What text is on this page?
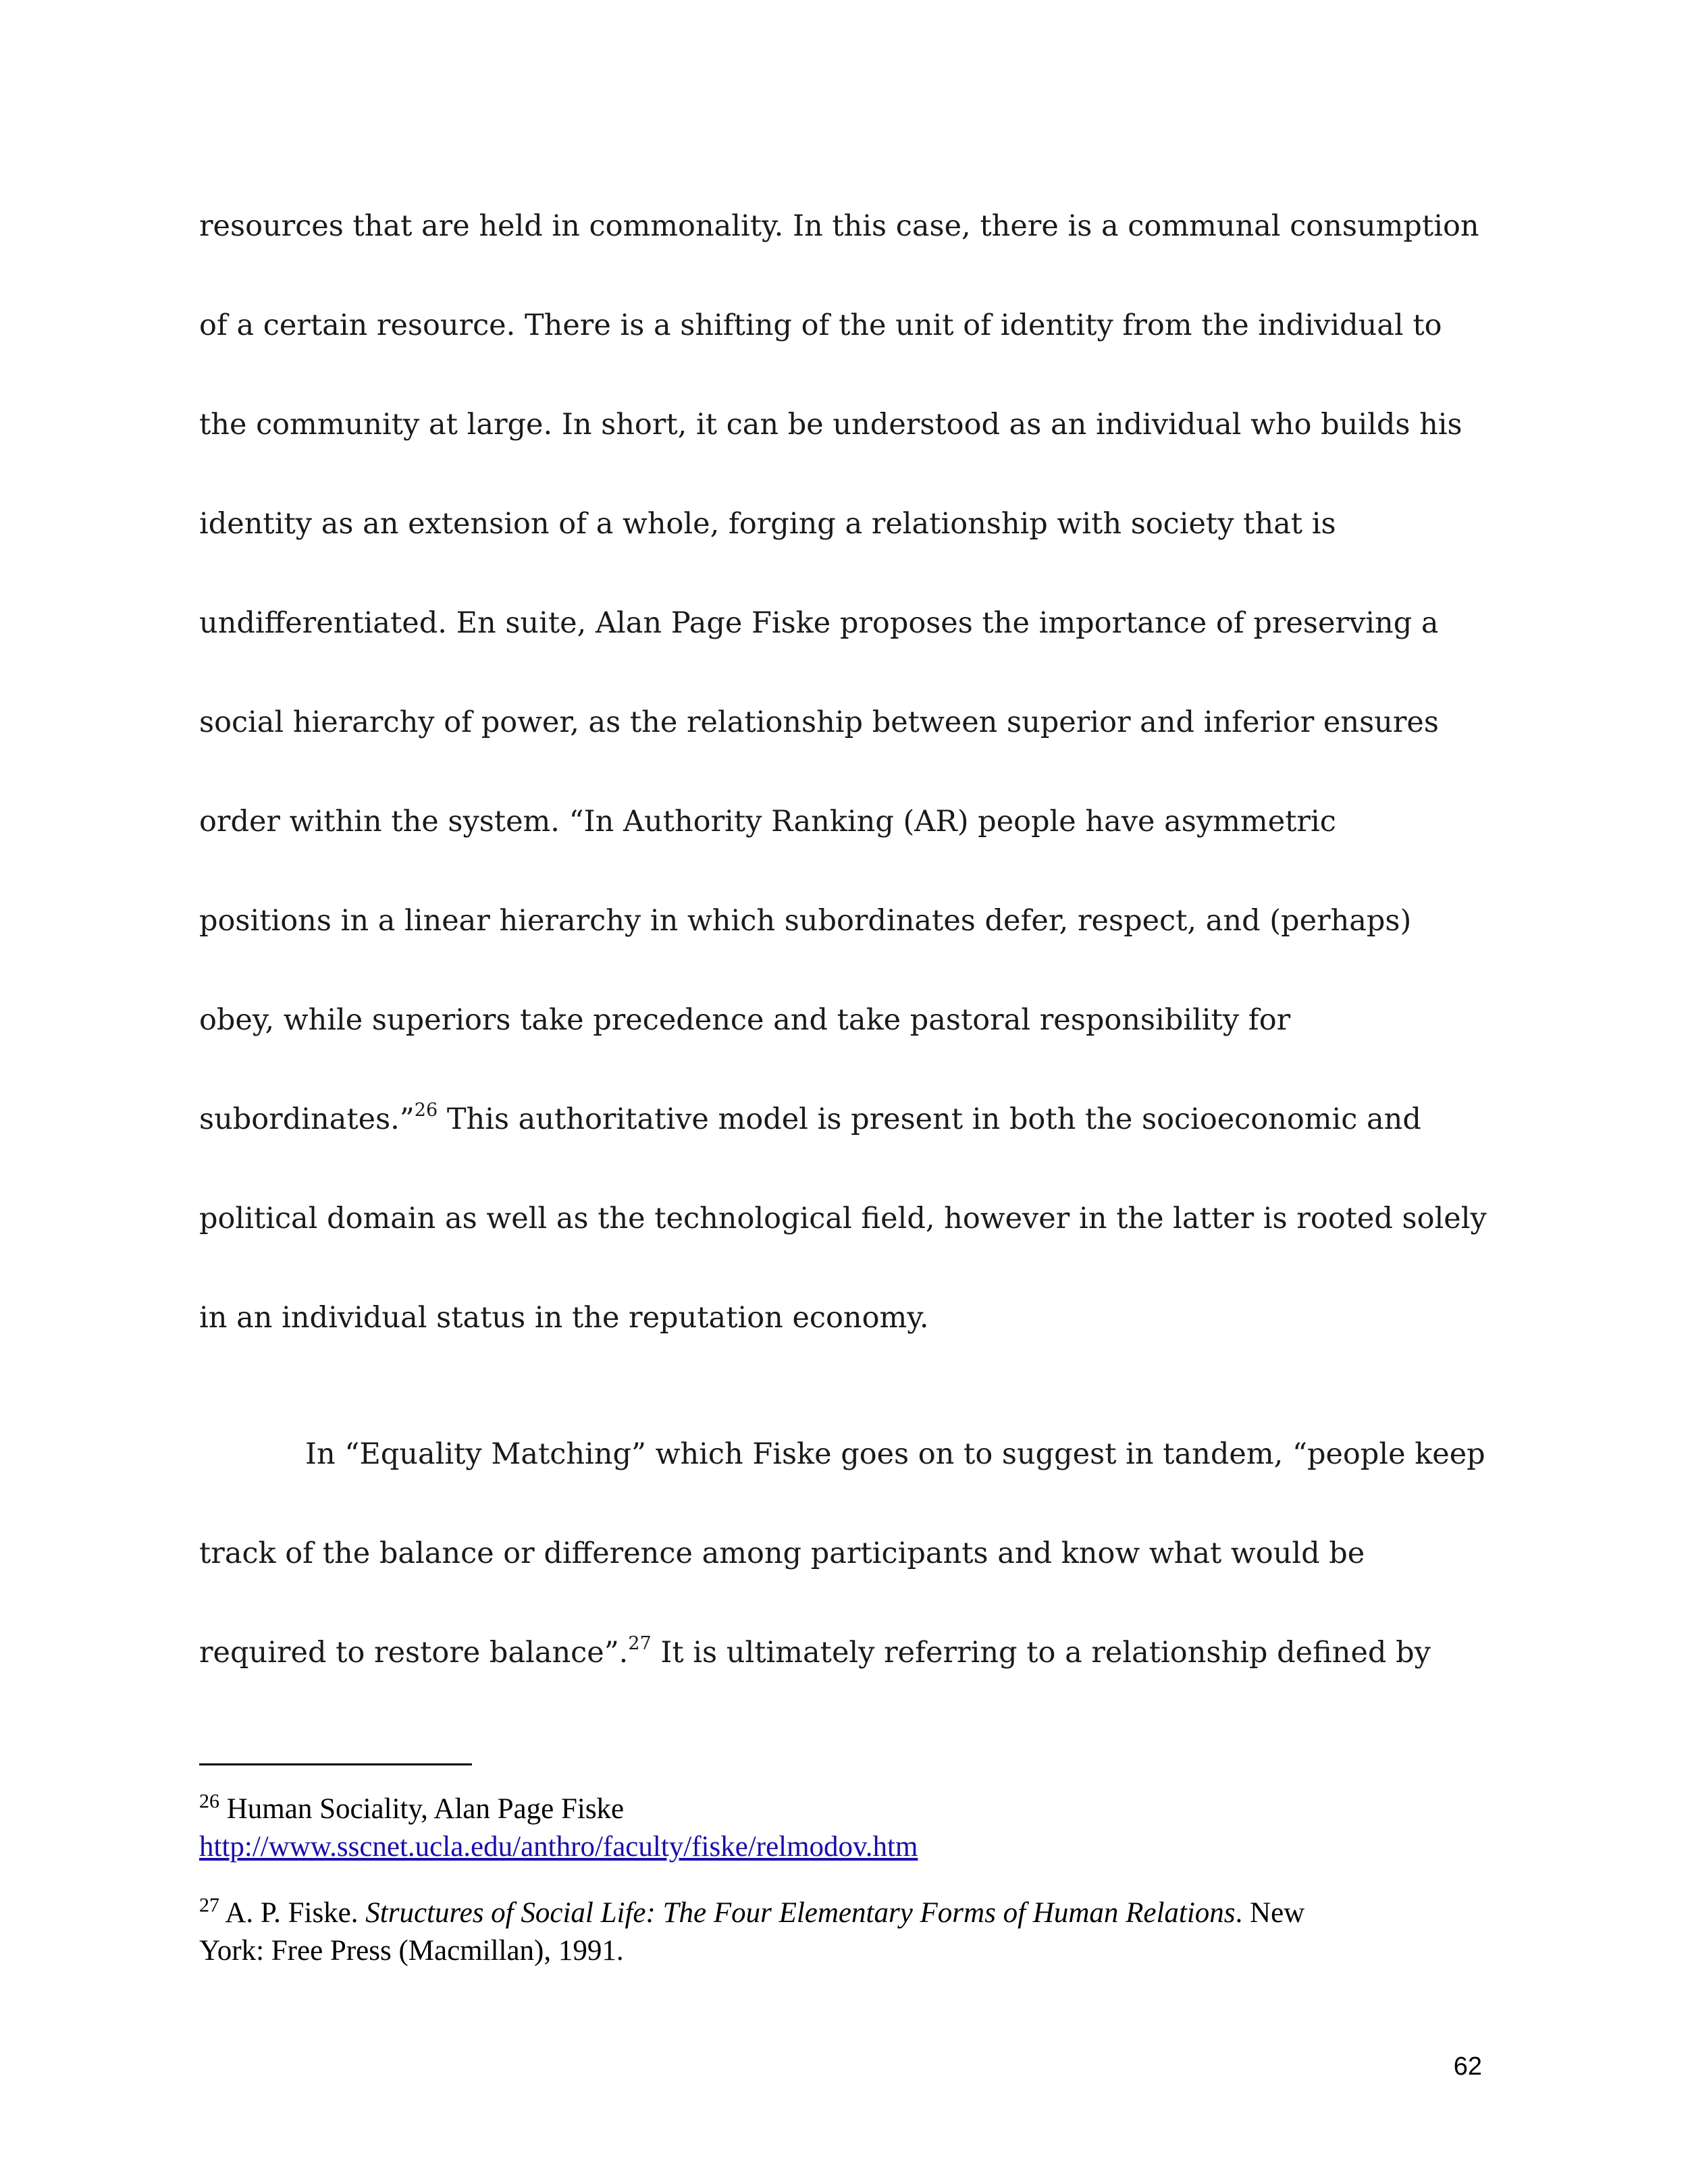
resources that are held in commonality. In this case, there is a communal consumption
of a certain resource. There is a shifting of the unit of identity from the individual to
the community at large. In short, it can be understood as an individual who builds his
identity as an extension of a whole, forging a relationship with society that is
undifferentiated. En suite, Alan Page Fiske proposes the importance of preserving a
social hierarchy of power, as the relationship between superior and inferior ensures
order within the system. “In Authority Ranking (AR) people have asymmetric
positions in a linear hierarchy in which subordinates defer, respect, and (perhaps)
obey, while superiors take precedence and take pastoral responsibility for
subordinates.”$^{26}$ This authoritative model is present in both the socioeconomic and
political domain as well as the technological field, however in the latter is rooted solely
in an individual status in the reputation economy.
In “Equality Matching” which Fiske goes on to suggest in tandem, “people keep
track of the balance or difference among participants and know what would be
required to restore balance”.$^{27}$ It is ultimately referring to a relationship defined by
$^{26}$ Human Sociality, Alan Page Fiske
http://www.sscnet.ucla.edu/anthro/faculty/fiske/relmodov.htm
$^{27}$ A. P. Fiske. Structures of Social Life: The Four Elementary Forms of Human Relations. New
York: Free Press (Macmillan), 1991.
62
